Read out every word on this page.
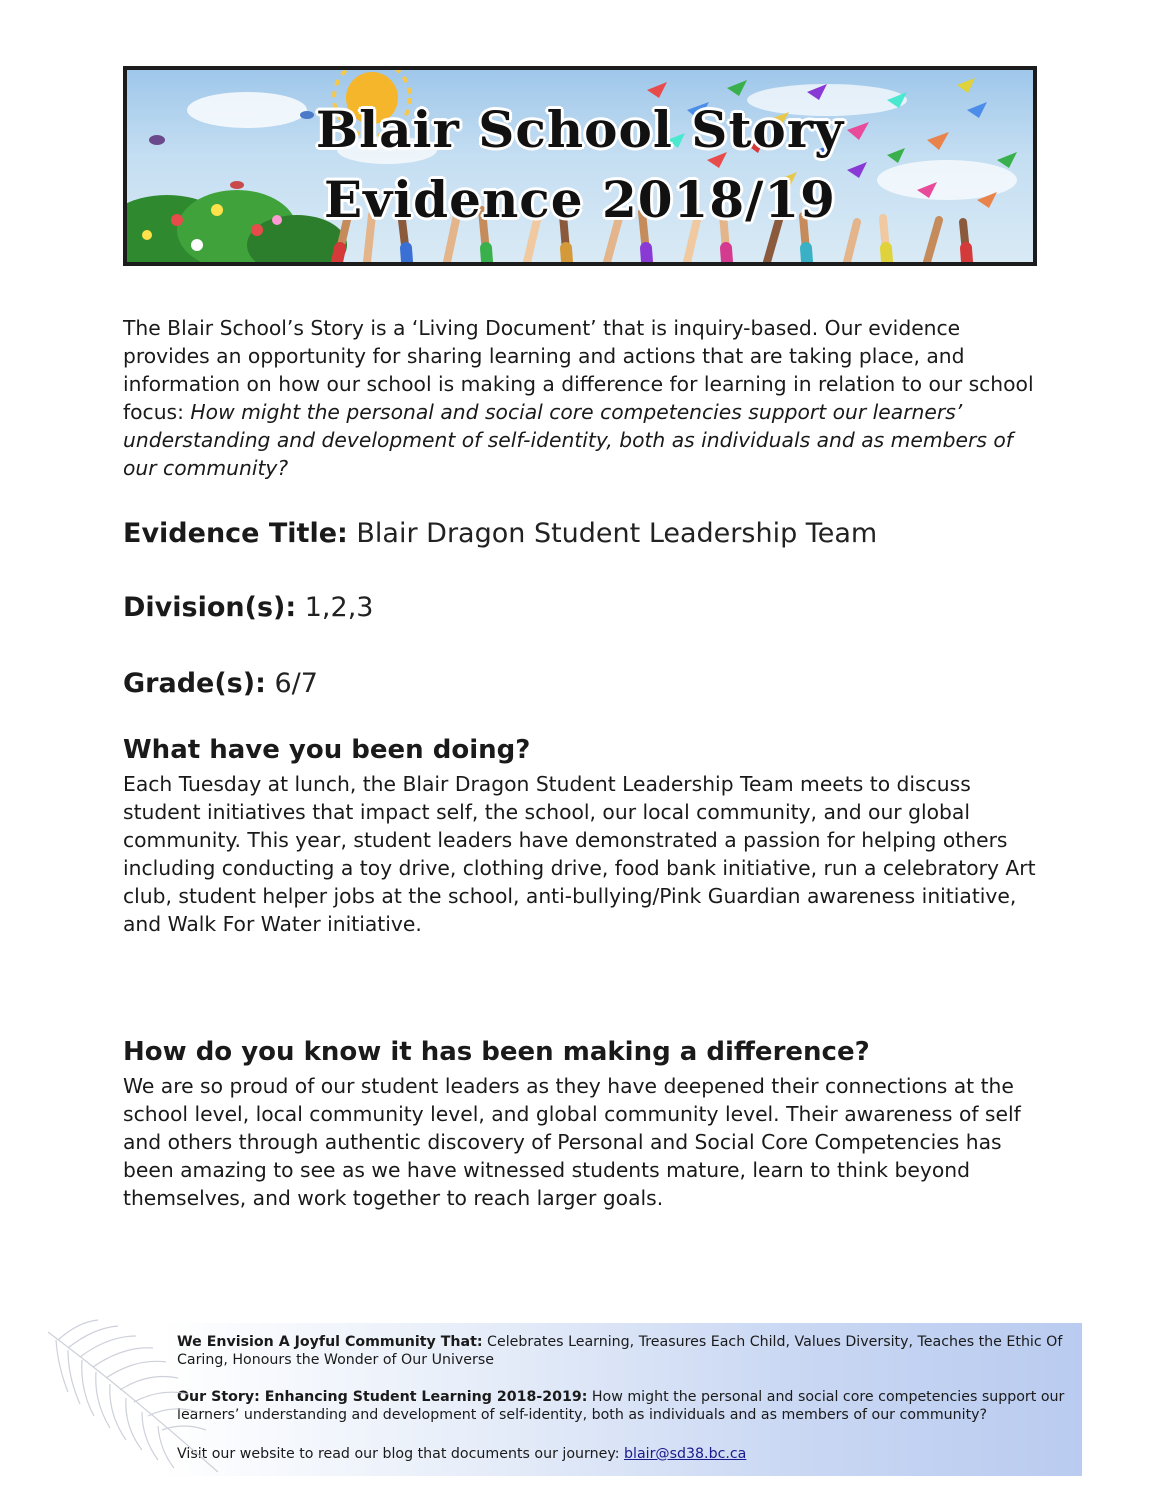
Blair School Story
Evidence 2018/19

The Blair School’s Story is a ‘Living Document’ that is inquiry-based. Our evidence provides an opportunity for sharing learning and actions that are taking place, and information on how our school is making a difference for learning in relation to our school focus: How might the personal and social core competencies support our learners’ understanding and development of self-identity, both as individuals and as members of our community?

Evidence Title: Blair Dragon Student Leadership Team

Division(s): 1,2,3

Grade(s): 6/7

What have you been doing?

Each Tuesday at lunch, the Blair Dragon Student Leadership Team meets to discuss student initiatives that impact self, the school, our local community, and our global community. This year, student leaders have demonstrated a passion for helping others including conducting a toy drive, clothing drive, food bank initiative, run a celebratory Art club, student helper jobs at the school, anti-bullying/Pink Guardian awareness initiative, and Walk For Water initiative.

How do you know it has been making a difference?

We are so proud of our student leaders as they have deepened their connections at the school level, local community level, and global community level. Their awareness of self and others through authentic discovery of Personal and Social Core Competencies has been amazing to see as we have witnessed students mature, learn to think beyond themselves, and work together to reach larger goals.

We Envision A Joyful Community That: Celebrates Learning, Treasures Each Child, Values Diversity, Teaches the Ethic Of Caring, Honours the Wonder of Our Universe

Our Story: Enhancing Student Learning 2018-2019: How might the personal and social core competencies support our learners’ understanding and development of self-identity, both as individuals and as members of our community?

Visit our website to read our blog that documents our journey: blair@sd38.bc.ca
